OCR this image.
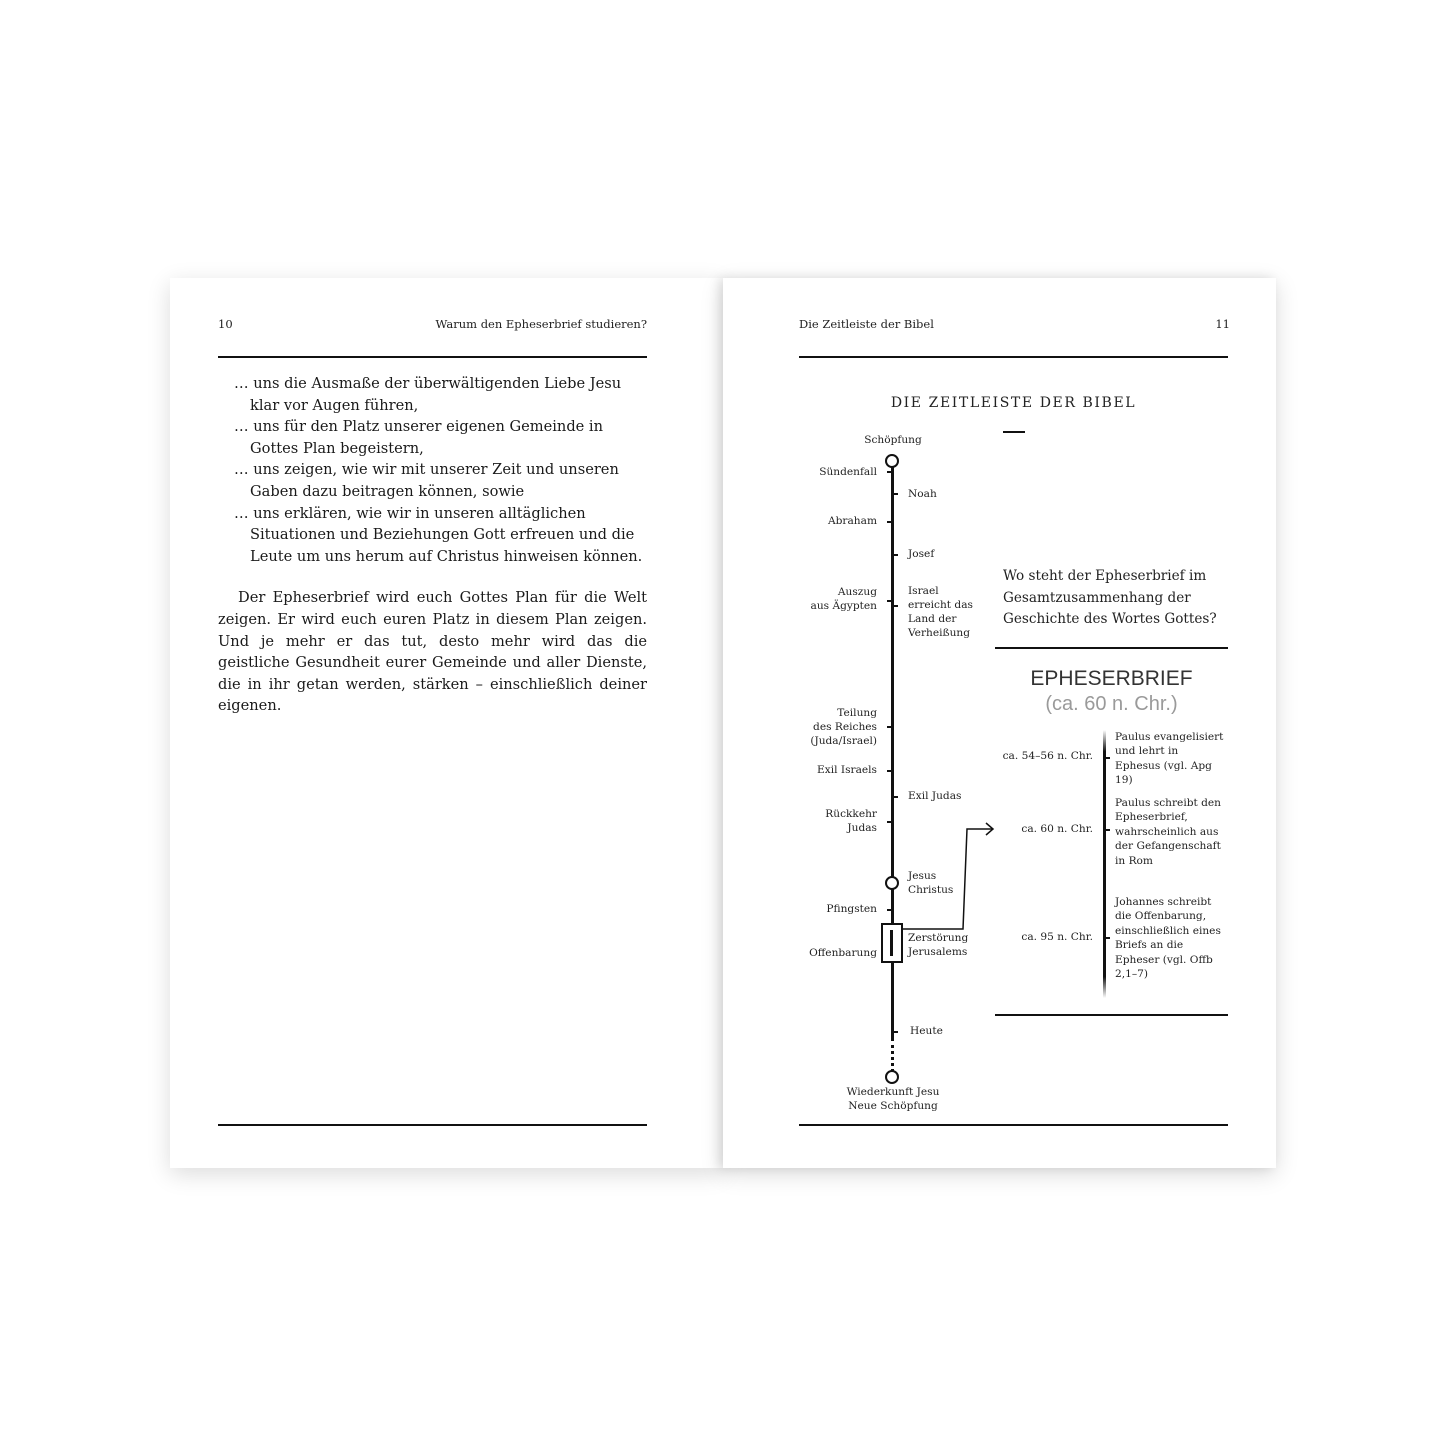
10	Warum den Epheserbrief studieren?

… uns die Ausmaße der überwältigenden Liebe Jesu klar vor Augen führen,

… uns für den Platz unserer eigenen Gemeinde in Gottes Plan begeistern,

… uns zeigen, wie wir mit unserer Zeit und unseren Gaben dazu beitragen können, sowie

… uns erklären, wie wir in unseren alltäglichen Situationen und Beziehungen Gott erfreuen und die Leute um uns herum auf Christus hinweisen können.

Der Epheserbrief wird euch Gottes Plan für die Welt zeigen. Er wird euch euren Platz in diesem Plan zeigen. Und je mehr er das tut, desto mehr wird das die geistliche Gesundheit eurer Gemeinde und aller Dienste, die in ihr getan werden, stärken – einschließlich deiner eigenen.

Die Zeitleiste der Bibel	11
DIE ZEITLEISTE DER BIBEL
Schöpfung
Sündenfall
Abraham
Auszug
aus Ägypten
Teilung
des Reiches
(Juda/Israel)
Exil Israels
Rückkehr
Judas
Pfingsten
Offenbarung
Noah
Josef
Israel
erreicht das
Land der
Verheißung
Exil Judas
Jesus
Christus
Zerstörung
Jerusalems
Heute
Wiederkunft Jesu
Neue Schöpfung
Wo steht der Epheserbrief im Gesamtzusammenhang der Geschichte des Wortes Gottes?
EPHESERBRIEF
(ca. 60 n. Chr.)
ca. 54–56 n. Chr.
Paulus evangelisiert und lehrt in Ephesus (vgl. Apg 19)
ca. 60 n. Chr.
Paulus schreibt den Epheserbrief, wahrscheinlich aus der Gefangenschaft in Rom
ca. 95 n. Chr.
Johannes schreibt die Offenbarung, einschließlich eines Briefs an die Epheser (vgl. Offb 2,1–7)
